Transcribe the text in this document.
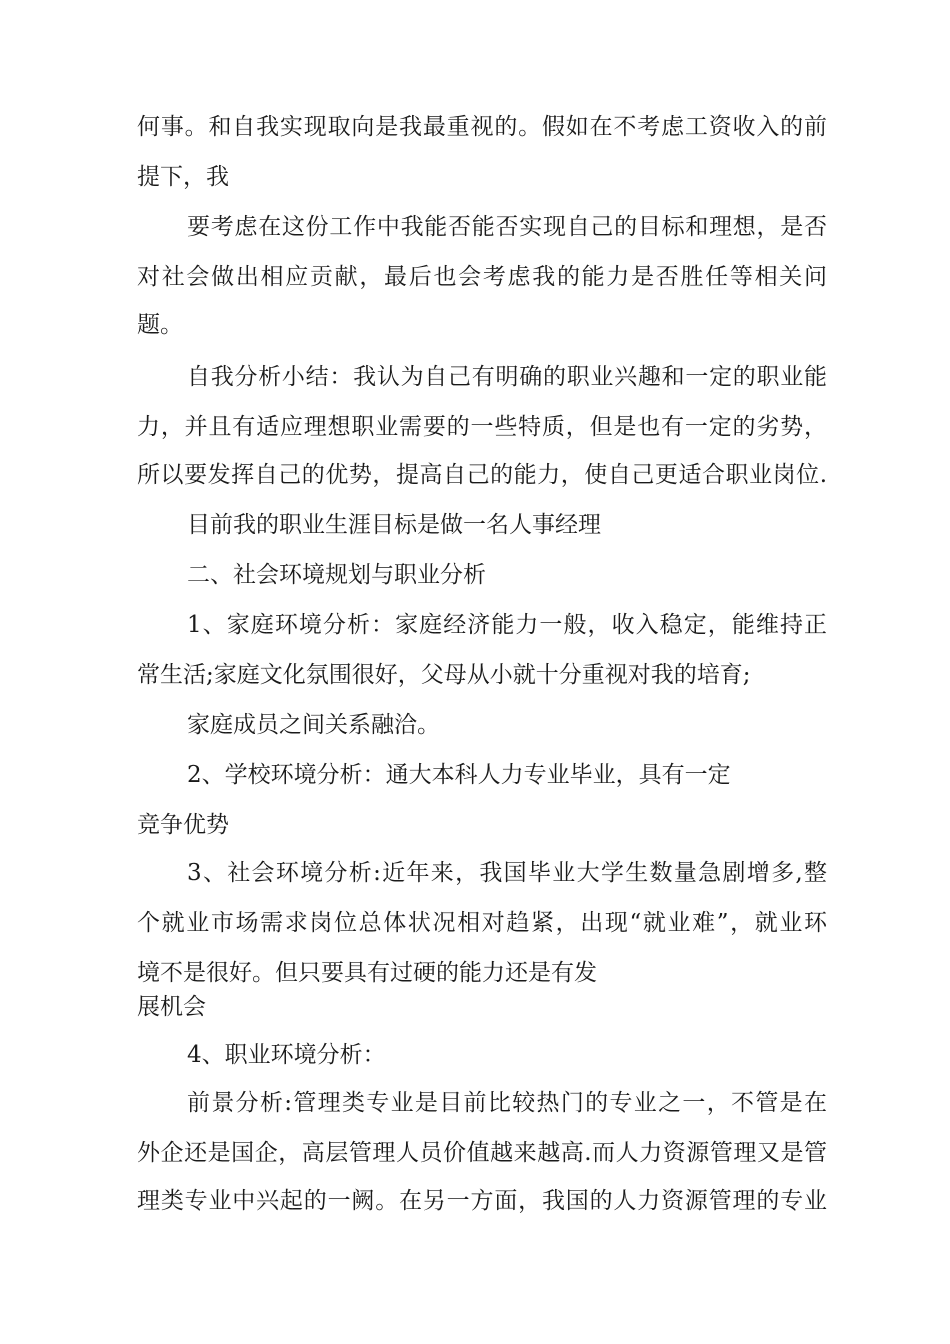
何事。和自我实现取向是我最重视的。假如在不考虑工资收入的前
提下，我
要考虑在这份工作中我能否能否实现自己的目标和理想，是否
对社会做出相应贡献，最后也会考虑我的能力是否胜任等相关问
题。
自我分析小结：我认为自己有明确的职业兴趣和一定的职业能
力，并且有适应理想职业需要的一些特质，但是也有一定的劣势，
所以要发挥自己的优势，提高自己的能力，使自己更适合职业岗位.
目前我的职业生涯目标是做一名人事经理
二、社会环境规划与职业分析
1、家庭环境分析：家庭经济能力一般，收入稳定，能维持正
常生活;家庭文化氛围很好，父母从小就十分重视对我的培育;
家庭成员之间关系融洽。
2、学校环境分析：通大本科人力专业毕业，具有一定
竞争优势
3、社会环境分析:近年来，我国毕业大学生数量急剧增多,整
个就业市场需求岗位总体状况相对趋紧，出现“就业难”，就业环
境不是很好。但只要具有过硬的能力还是有发
展机会
4、职业环境分析：
前景分析:管理类专业是目前比较热门的专业之一，不管是在
外企还是国企，高层管理人员价值越来越高.而人力资源管理又是管
理类专业中兴起的一阙。在另一方面，我国的人力资源管理的专业
